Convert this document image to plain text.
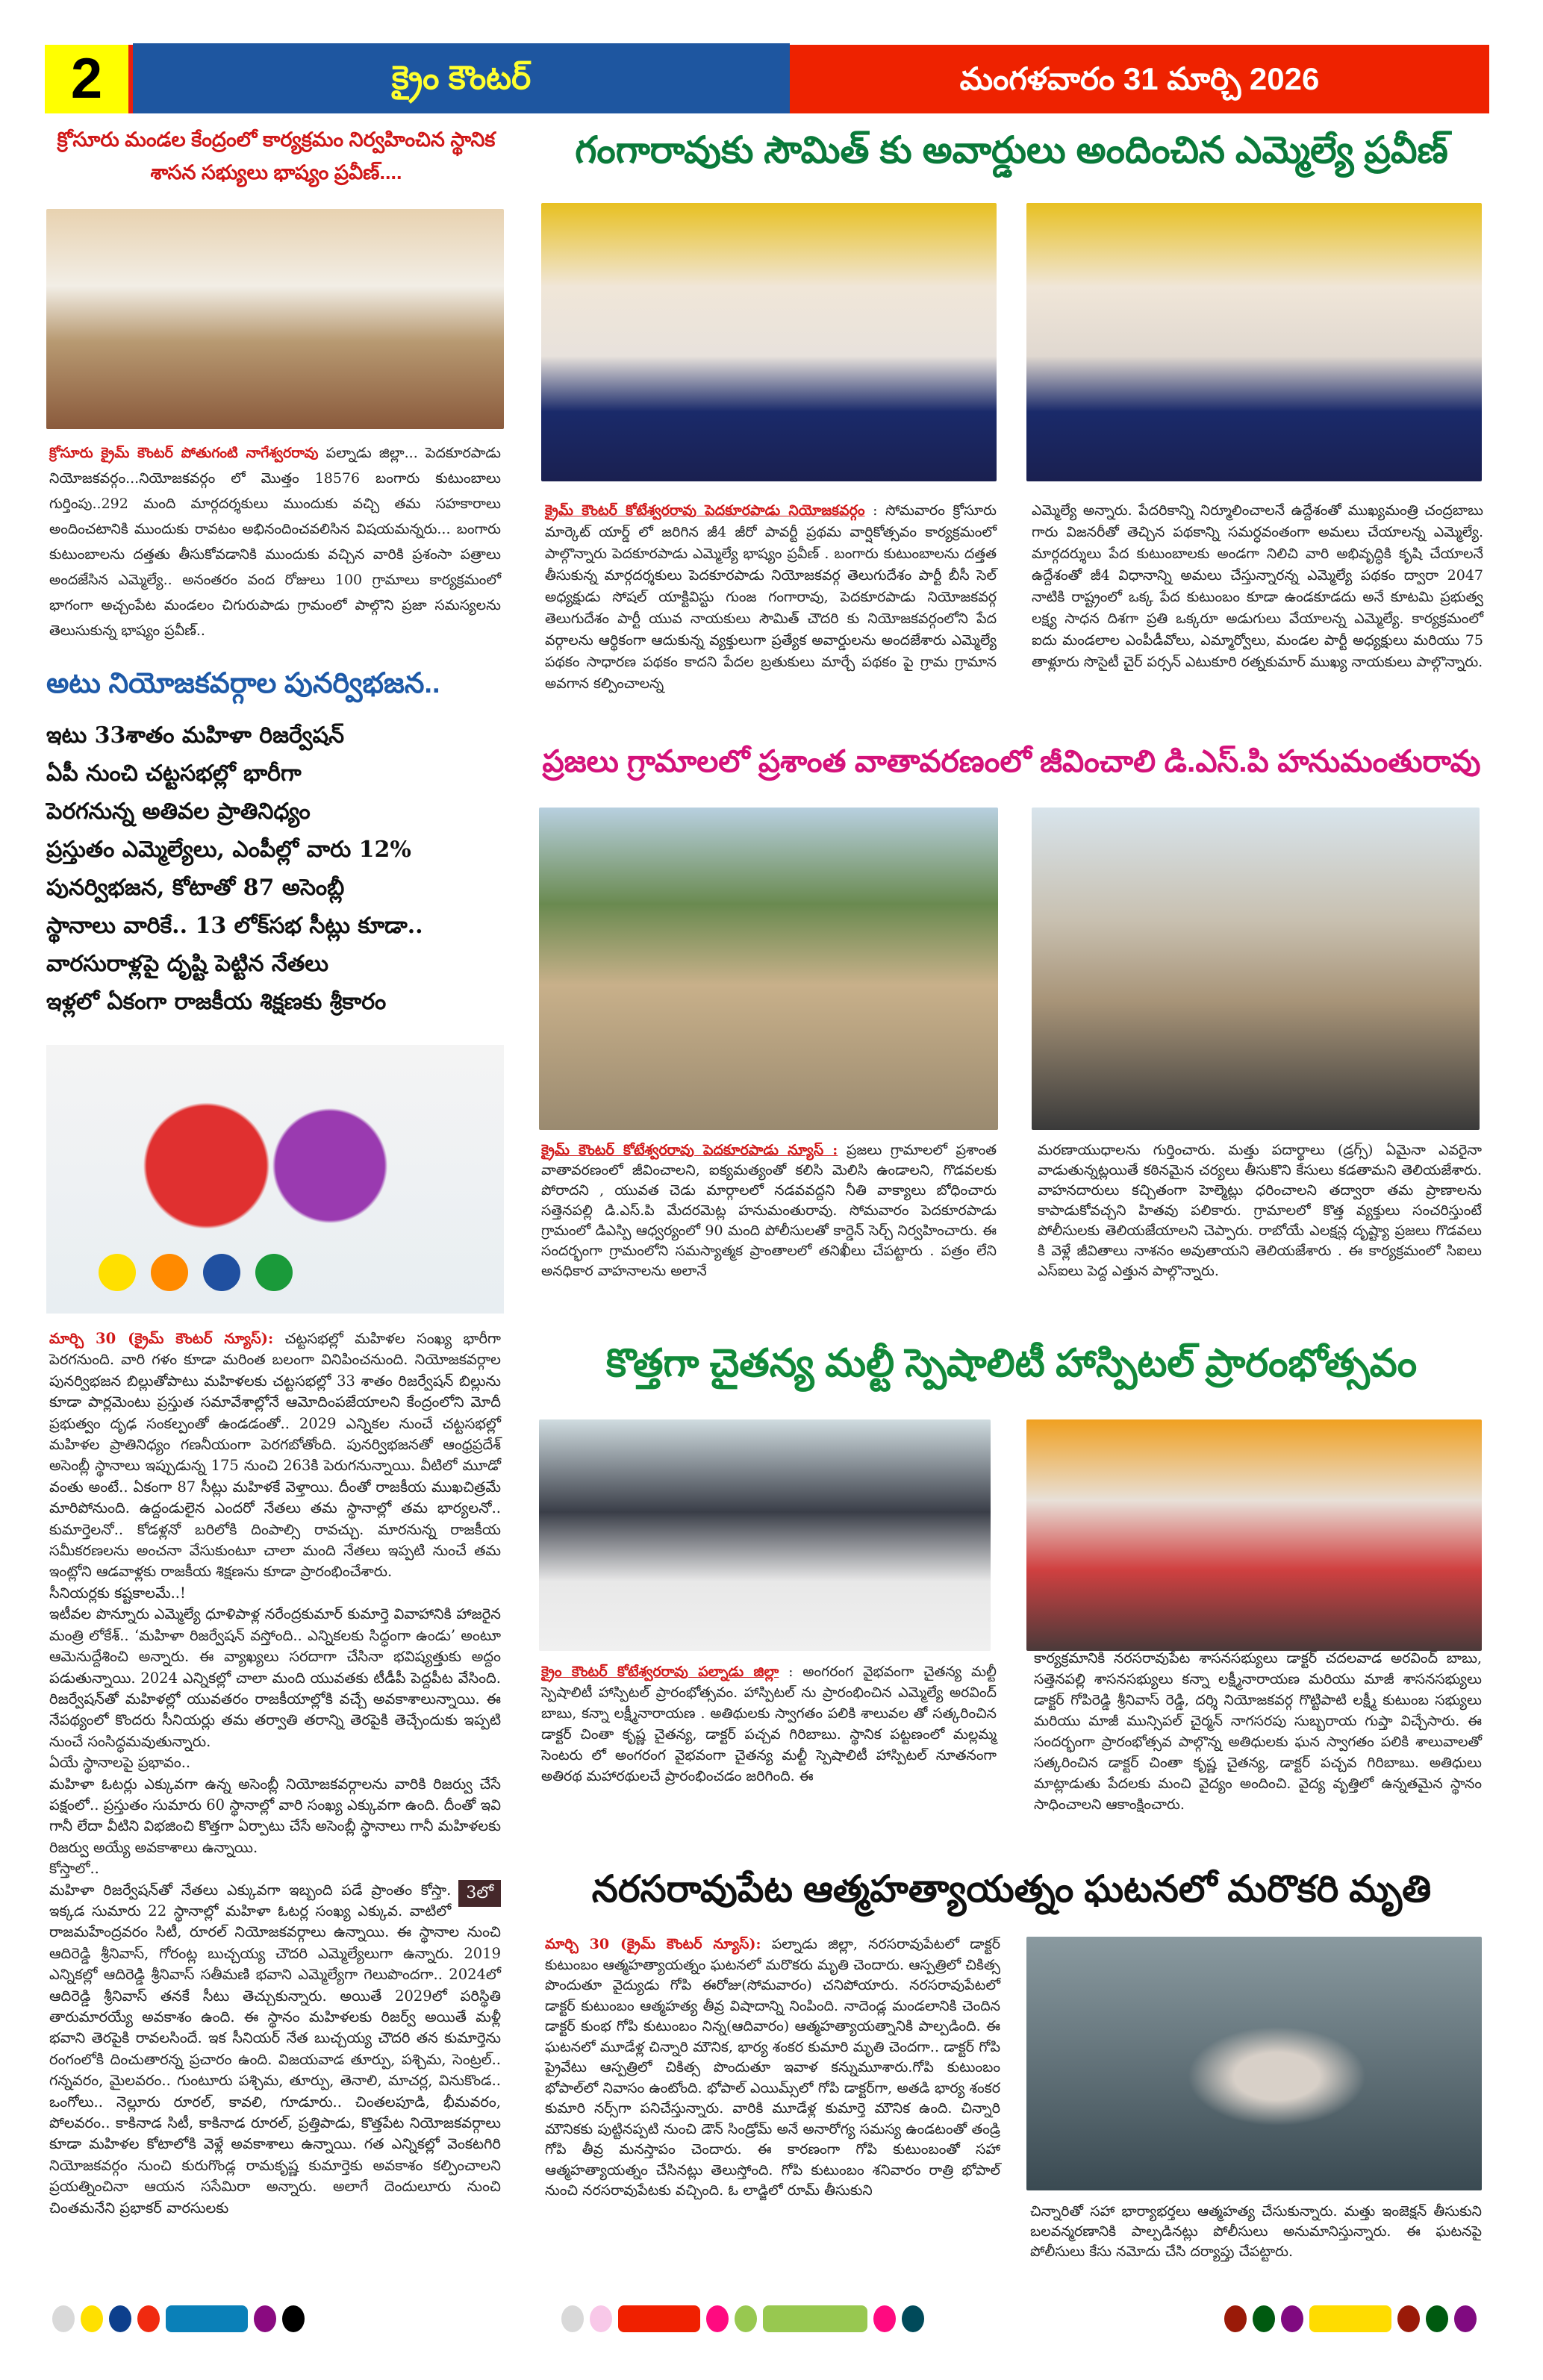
2	క్రైం కౌంటర్	మంగళవారం 31 మార్చి 2026
క్రోసూరు మండల కేంద్రంలో కార్యక్రమం నిర్వహించిన స్థానిక శాసన సభ్యులు భాష్యం ప్రవీణ్....
క్రోసూరు క్రైమ్ కౌంటర్ పోతుగంటి నాగేశ్వరరావు పల్నాడు జిల్లా... పెదకూరపాడు నియోజకవర్గం...నియోజకవర్గం లో మొత్తం 18576 బంగారు కుటుంబాలు గుర్తింపు..292 మంది మార్గదర్శకులు ముందుకు వచ్చి తమ సహకారాలు అందించటానికి ముందుకు రావటం అభినందించవలిసిన విషయమన్నరు... బంగారు కుటుంబాలను దత్తతు తీసుకోవడానికి ముందుకు వచ్చిన వారికి ప్రశంసా పత్రాలు అందజేసిన ఎమ్మెల్యే.. అనంతరం వంద రోజులు 100 గ్రామాలు కార్యక్రమంలో భాగంగా అచ్చంపేట మండలం చిగురుపాడు గ్రామంలో పాల్గొని ప్రజా సమస్యలను తెలుసుకున్న భాష్యం ప్రవీణ్..
అటు నియోజకవర్గాల పునర్విభజన..
ఇటు 33శాతం మహిళా రిజర్వేషన్
ఏపీ నుంచి చట్టసభల్లో భారీగా
పెరగనున్న అతివల ప్రాతినిధ్యం
ప్రస్తుతం ఎమ్మెల్యేలు, ఎంపీల్లో వారు 12%
పునర్విభజన, కోటాతో 87 అసెంబ్లీ
స్థానాలు వారికే.. 13 లోక్‌సభ సీట్లు కూడా..
వారసురాళ్లపై దృష్టి పెట్టిన నేతలు
ఇళ్లలో ఏకంగా రాజకీయ శిక్షణకు శ్రీకారం

మార్చి 30 (క్రైమ్ కౌంటర్ న్యూస్): చట్టసభల్లో మహిళల సంఖ్య భారీగా పెరగనుంది. వారి గళం కూడా మరింత బలంగా వినిపించనుంది. నియోజకవర్గాల పునర్విభజన బిల్లుతోపాటు మహిళలకు చట్టసభల్లో 33 శాతం రిజర్వేషన్ బిల్లును కూడా పార్లమెంటు ప్రస్తుత సమావేశాల్లోనే ఆమోదింపజేయాలని కేంద్రంలోని మోదీ ప్రభుత్వం దృఢ సంకల్పంతో ఉండడంతో.. 2029 ఎన్నికల నుంచే చట్టసభల్లో మహిళల ప్రాతినిధ్యం గణనీయంగా పెరగబోతోంది. పునర్విభజనతో ఆంధ్రప్రదేశ్ అసెంబ్లీ స్థానాలు ఇప్పుడున్న 175 నుంచి 263కి పెరుగనున్నాయి. వీటిలో మూడో వంతు అంటే.. ఏకంగా 87 సీట్లు మహిళకే వెళ్తాయి. దీంతో రాజకీయ ముఖచిత్రమే మారిపోనుంది. ఉద్దండులైన ఎందరో నేతలు తమ స్థానాల్లో తమ భార్యలనో.. కుమార్తెలనో.. కోడళ్లనో బరిలోకి దింపాల్సి రావచ్చు. మారనున్న రాజకీయ సమీకరణలను అంచనా వేసుకుంటూ చాలా మంది నేతలు ఇప్పటి నుంచే తమ ఇంట్లోని ఆడవాళ్లకు రాజకీయ శిక్షణను కూడా ప్రారంభించేశారు.

సీనియర్లకు కష్టకాలమే..!

ఇటీవల పొన్నూరు ఎమ్మెల్యే ధూళిపాళ్ల నరేంద్రకుమార్ కుమార్తె వివాహానికి హాజరైన మంత్రి లోకేశ్.. ‘మహిళా రిజర్వేషన్ వస్తోంది.. ఎన్నికలకు సిద్ధంగా ఉండు’ అంటూ ఆమెనుద్దేశించి అన్నారు. ఈ వ్యాఖ్యలు సరదాగా చేసినా భవిష్యత్తుకు అద్దం పడుతున్నాయి. 2024 ఎన్నికల్లో చాలా మంది యువతకు టీడీపీ పెద్దపీట వేసింది. రిజర్వేషన్‌తో మహిళల్లో యువతరం రాజకీయాల్లోకి వచ్చే అవకాశాలున్నాయి. ఈ నేపథ్యంలో కొందరు సీనియర్లు తమ తర్వాతి తరాన్ని తెరపైకి తెచ్చేందుకు ఇప్పటి నుంచే సంసిద్ధమవుతున్నారు.

ఏయే స్థానాలపై ప్రభావం..

మహిళా ఓటర్లు ఎక్కువగా ఉన్న అసెంబ్లీ నియోజకవర్గాలను వారికి రిజర్వు చేసే పక్షంలో.. ప్రస్తుతం సుమారు 60 స్థానాల్లో వారి సంఖ్య ఎక్కువగా ఉంది. దీంతో ఇవి గానీ లేదా వీటిని విభజించి కొత్తగా ఏర్పాటు చేసే అసెంబ్లీ స్థానాలు గానీ మహిళలకు రిజర్వు అయ్యే అవకాశాలు ఉన్నాయి.

కోస్తాలో..

3లో
మహిళా రిజర్వేషన్‌తో నేతలు ఎక్కువగా ఇబ్బంది పడే ప్రాంతం కోస్తా. ఇక్కడ సుమారు 22 స్థానాల్లో మహిళా ఓటర్ల సంఖ్య ఎక్కువ. వాటిలో రాజమహేంద్రవరం సిటీ, రూరల్ నియోజకవర్గాలు ఉన్నాయి. ఈ స్థానాల నుంచి ఆదిరెడ్డి శ్రీనివాస్, గోరంట్ల బుచ్చయ్య చౌదరి ఎమ్మెల్యేలుగా ఉన్నారు. 2019 ఎన్నికల్లో ఆదిరెడ్డి శ్రీనివాస్ సతీమణి భవాని ఎమ్మెల్యేగా గెలుపొందగా.. 2024లో ఆదిరెడ్డి శ్రీనివాస్ తనకే సీటు తెచ్చుకున్నారు. అయితే 2029లో పరిస్థితి తారుమారయ్యే అవకాశం ఉంది. ఈ స్థానం మహిళలకు రిజర్వ్ అయితే మళ్లీ భవాని తెరపైకి రావలసిందే. ఇక సీనియర్ నేత బుచ్చయ్య చౌదరి తన కుమార్తెను రంగంలోకి దించుతారన్న ప్రచారం ఉంది. విజయవాడ తూర్పు, పశ్చిమ, సెంట్రల్.. గన్నవరం, మైలవరం.. గుంటూరు పశ్చిమ, తూర్పు, తెనాలి, మాచర్ల, వినుకొండ.. ఒంగోలు.. నెల్లూరు రూరల్, కావలి, గూడూరు.. చింతలపూడి, భీమవరం, పోలవరం.. కాకినాడ సిటీ, కాకినాడ రూరల్, ప్రత్తిపాడు, కొత్తపేట నియోజకవర్గాలు కూడా మహిళల కోటాలోకి వెళ్లే అవకాశాలు ఉన్నాయి. గత ఎన్నికల్లో వెంకటగిరి నియోజకవర్గం నుంచి కురుగొండ్ల రామకృష్ణ కుమార్తెకు అవకాశం కల్పించాలని ప్రయత్నించినా ఆయన ససేమిరా అన్నారు. అలాగే దెందులూరు నుంచి చింతమనేని ప్రభాకర్ వారసులకు

గంగారావుకు సౌమిత్ కు అవార్డులు అందించిన ఎమ్మెల్యే ప్రవీణ్
క్రైమ్ కౌంటర్ కోటేశ్వరరావు పెదకూరపాడు నియోజకవర్గం : సోమవారం క్రోసూరు మార్కెట్ యార్డ్ లో జరిగిన జీ4 జీరో పావర్టీ ప్రథమ వార్షికోత్సవం కార్యక్రమంలో పాల్గొన్నారు పెదకూరపాడు ఎమ్మెల్యే భాష్యం ప్రవీణ్ . బంగారు కుటుంబాలను దత్తత తీసుకున్న మార్గదర్శకులు పెదకూరపాడు నియోజకవర్గ తెలుగుదేశం పార్టీ బీసీ సెల్ అధ్యక్షుడు సోషల్ యాక్టివిస్టు గుంజ గంగారావు, పెదకూరపాడు నియోజకవర్గ తెలుగుదేశం పార్టీ యువ నాయకులు సౌమిత్ చౌదరి కు నియోజకవర్గంలోని పేద వర్గాలను ఆర్థికంగా ఆదుకున్న వ్యక్తులుగా ప్రత్యేక అవార్డులను అందజేశారు ఎమ్మెల్యే పథకం సాధారణ పథకం కాదని పేదల బ్రతుకులు మార్చే పథకం పై గ్రామ గ్రామాన అవగాన కల్పించాలన్న
ఎమ్మెల్యే అన్నారు. పేదరికాన్ని నిర్మూలించాలనే ఉద్దేశంతో ముఖ్యమంత్రి చంద్రబాబు గారు విజనరీతో తెచ్చిన పథకాన్ని సమర్ధవంతంగా అమలు చేయాలన్న ఎమ్మెల్యే. మార్గదర్శులు పేద కుటుంబాలకు అండగా నిలిచి వారి అభివృద్ధికి కృషి చేయాలనే ఉద్దేశంతో జీ4 విధానాన్ని అమలు చేస్తున్నారన్న ఎమ్మెల్యే పథకం ద్వారా 2047 నాటికి రాష్ట్రంలో ఒక్క పేద కుటుంబం కూడా ఉండకూడదు అనే కూటమి ప్రభుత్వ లక్ష్య సాధన దిశగా ప్రతి ఒక్కరూ అడుగులు వేయాలన్న ఎమ్మెల్యే. కార్యక్రమంలో ఐదు మండలాల ఎంపీడీవోలు, ఎమ్మార్వోలు, మండల పార్టీ అధ్యక్షులు మరియు 75 తాళ్లూరు సొసైటీ చైర్ పర్సన్ ఎటుకూరి రత్నకుమార్ ముఖ్య నాయకులు పాల్గొన్నారు.
ప్రజలు గ్రామాలలో ప్రశాంత వాతావరణంలో జీవించాలి డి.ఎస్.పి హనుమంతురావు
క్రైమ్ కౌంటర్ కోటేశ్వరరావు పెదకూరపాడు న్యూస్ : ప్రజలు గ్రామాలలో ప్రశాంత వాతావరణంలో జీవించాలని, ఐక్యమత్యంతో కలిసి మెలిసి ఉండాలని, గొడవలకు పోరాదని , యువత చెడు మార్గాలలో నడవవద్దని నీతి వాక్యాలు బోధించారు సత్తెనపల్లి డి.ఎస్.పి మేదరమెట్ల హనుమంతురావు. సోమవారం పెదకూరపాడు గ్రామంలో డిఎస్పి ఆధ్వర్యంలో 90 మంది పోలీసులతో కార్డెన్ సెర్చ్ నిర్వహించారు. ఈ సందర్భంగా గ్రామంలోని సమస్యాత్మక ప్రాంతాలలో తనిఖీలు చేపట్టారు . పత్రం లేని అనధికార వాహనాలను అలానే
మరణాయుధాలను గుర్తించారు. మత్తు పదార్థాలు (డ్రగ్స్) ఏమైనా ఎవరైనా వాడుతున్నట్లయితే కఠినమైన చర్యలు తీసుకొని కేసులు కడతామని తెలియజేశారు. వాహనదారులు కచ్చితంగా హెల్మెట్లు ధరించాలని తద్వారా తమ ప్రాణాలను కాపాడుకోవచ్చని హితవు పలికారు. గ్రామాలలో కొత్త వ్యక్తులు సంచరిస్తుంటే పోలీసులకు తెలియజేయాలని చెప్పారు. రాబోయే ఎలక్షన్ల దృష్ట్యా ప్రజలు గొడవలు కి వెళ్లే జీవితాలు నాశనం అవుతాయని తెలియజేశారు . ఈ కార్యక్రమంలో సిఐలు ఎస్ఐలు పెద్ద ఎత్తున పాల్గొన్నారు.
కొత్తగా చైతన్య మల్టీ స్పెషాలిటీ హాస్పిటల్ ప్రారంభోత్సవం
క్రైం కౌంటర్ కోటేశ్వరరావు పల్నాడు జిల్లా : అంగరంగ వైభవంగా చైతన్య మల్టీ స్పెషాలిటీ హాస్పిటల్ ప్రారంభోత్సవం. హాస్పిటల్ ను ప్రారంభించిన ఎమ్మెల్యే అరవింద్ బాబు, కన్నా లక్ష్మీనారాయణ . అతిథులకు స్వాగతం పలికి శాలువల తో సత్కరించిన డాక్టర్ చింతా కృష్ణ చైతన్య, డాక్టర్ పచ్చవ గిరిబాబు. స్థానిక పట్టణంలో మల్లమ్మ సెంటరు లో అంగరంగ వైభవంగా చైతన్య మల్టీ స్పెషాలిటీ హాస్పిటల్ నూతనంగా అతిరథ మహారథులచే ప్రారంభించడం జరిగింది. ఈ
కార్యక్రమానికి నరసరావుపేట శాసనసభ్యులు డాక్టర్ చదలవాడ అరవింద్ బాబు, సత్తెనపల్లి శాసనసభ్యులు కన్నా లక్ష్మీనారాయణ మరియు మాజీ శాసనసభ్యులు డాక్టర్ గోపిరెడ్డి శ్రీనివాస్ రెడ్డి, దర్శి నియోజకవర్గ గొట్టిపాటి లక్ష్మీ కుటుంబ సభ్యులు మరియు మాజీ మున్సిపల్ చైర్మన్ నాగసరపు సుబ్బరాయ గుప్తా విచ్చేసారు. ఈ సందర్భంగా ప్రారంభోత్సవ పాల్గొన్న అతిధులకు ఘన స్వాగతం పలికి శాలువాలతో సత్కరించిన డాక్టర్ చింతా కృష్ణ చైతన్య, డాక్టర్ పచ్చవ గిరిబాబు. అతిధులు మాట్లాడుతు పేదలకు మంచి వైద్యం అందించి. వైద్య వృత్తిలో ఉన్నతమైన స్థానం సాధించాలని ఆకాంక్షించారు.
నరసరావుపేట ఆత్మహత్యాయత్నం ఘటనలో మరొకరి మృతి
మార్చి 30 (క్రైమ్ కౌంటర్ న్యూస్): పల్నాడు జిల్లా, నరసరావుపేటలో డాక్టర్ కుటుంబం ఆత్మహత్యాయత్నం ఘటనలో మరొకరు మృతి చెందారు. ఆస్పత్రిలో చికిత్స పొందుతూ వైద్యుడు గోపి ఈరోజు(సోమవారం) చనిపోయారు. నరసరావుపేటలో డాక్టర్ కుటుంబం ఆత్మహత్య తీవ్ర విషాదాన్ని నింపింది. నాదెండ్ల మండలానికి చెందిన డాక్టర్ కుంభ గోపి కుటుంబం నిన్న(ఆదివారం) ఆత్మహత్యాయత్నానికి పాల్పడింది. ఈ ఘటనలో మూడేళ్ల చిన్నారి మౌనిక, భార్య శంకర కుమారి మృతి చెందగా.. డాక్టర్ గోపి ప్రైవేటు ఆస్పత్రిలో చికిత్స పొందుతూ ఇవాళ కన్నుమూశారు.గోపి కుటుంబం భోపాల్‌లో నివాసం ఉంటోంది. భోపాల్ ఎయిమ్స్‌లో గోపి డాక్టర్‌గా, అతడి భార్య శంకర కుమారి నర్స్‌గా పనిచేస్తున్నారు. వారికి మూడేళ్ల కుమార్తె మౌనిక ఉంది. చిన్నారి మౌనికకు పుట్టినప్పటి నుంచి డౌన్ సిండ్రోమ్ అనే అనారోగ్య సమస్య ఉండటంతో తండ్రి గోపి తీవ్ర మనస్తాపం చెందారు. ఈ కారణంగా గోపి కుటుంబంతో సహా ఆత్మహత్యాయత్నం చేసినట్లు తెలుస్తోంది. గోపి కుటుంబం శనివారం రాత్రి భోపాల్ నుంచి నరసరావుపేటకు వచ్చింది. ఓ లాడ్జిలో రూమ్ తీసుకుని
చిన్నారితో సహా భార్యాభర్తలు ఆత్మహత్య చేసుకున్నారు. మత్తు ఇంజెక్షన్ తీసుకుని బలవన్మరణానికి పాల్పడినట్లు పోలీసులు అనుమానిస్తున్నారు. ఈ ఘటనపై పోలీసులు కేసు నమోదు చేసి దర్యాప్తు చేపట్టారు.
